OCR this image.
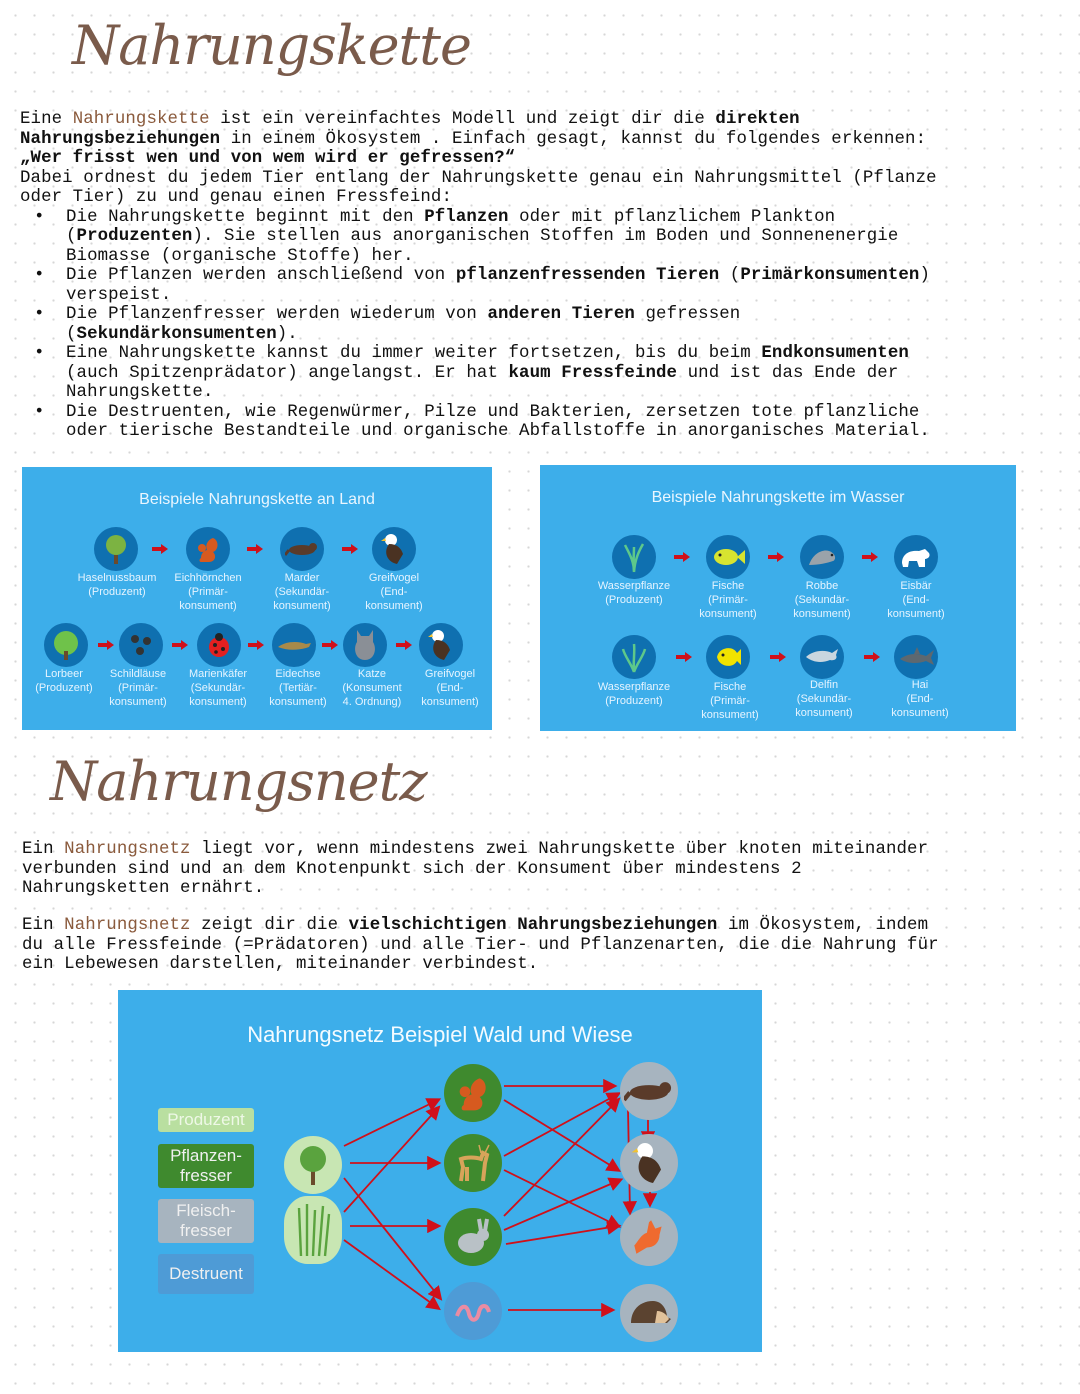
Nahrungskette

Eine Nahrungskette ist ein vereinfachtes Modell und zeigt dir die direkten

Nahrungsbeziehungen in einem Ökosystem . Einfach gesagt, kannst du folgendes erkennen:

„Wer frisst wen und von wem wird er gefressen?“

Dabei ordnest du jedem Tier entlang der Nahrungskette genau ein Nahrungsmittel (Pflanze

oder Tier) zu und genau einen Fressfeind:

• Die Nahrungskette beginnt mit den Pflanzen oder mit pflanzlichem Plankton

(Produzenten). Sie stellen aus anorganischen Stoffen im Boden und Sonnenenergie

Biomasse (organische Stoffe) her.

• Die Pflanzen werden anschließend von pflanzenfressenden Tieren (Primärkonsumenten)

verspeist.

• Die Pflanzenfresser werden wiederum von anderen Tieren gefressen

(Sekundärkonsumenten).

• Eine Nahrungskette kannst du immer weiter fortsetzen, bis du beim Endkonsumenten

(auch Spitzenprädator) angelangst. Er hat kaum Fressfeinde und ist das Ende der

Nahrungskette.

• Die Destruenten, wie Regenwürmer, Pilze und Bakterien, zersetzen tote pflanzliche

oder tierische Bestandteile und organische Abfallstoffe in anorganisches Material.

Beispiele Nahrungskette an Land
Haselnussbaum
(Produzent)
Eichhörnchen
(Primär-
konsument)
Marder
(Sekundär-
konsument)
Greifvogel
(End-
konsument)
Lorbeer
(Produzent)
Schildläuse
(Primär-
konsument)
Marienkäfer
(Sekundär-
konsument)
Eidechse
(Tertiär-
konsument)
Katze
(Konsument
4. Ordnung)
Greifvogel
(End-
konsument)
Beispiele Nahrungskette im Wasser
Wasserpflanze
(Produzent)
Fische
(Primär-
konsument)
Robbe
(Sekundär-
konsument)
Eisbär
(End-
konsument)
Wasserpflanze
(Produzent)
Fische
(Primär-
konsument)
Delfin
(Sekundär-
konsument)
Hai
(End-
konsument)
Nahrungsnetz

Ein Nahrungsnetz liegt vor, wenn mindestens zwei Nahrungskette über knoten miteinander

verbunden sind und an dem Knotenpunkt sich der Konsument über mindestens 2

Nahrungsketten ernährt.

Ein Nahrungsnetz zeigt dir die vielschichtigen Nahrungsbeziehungen im Ökosystem, indem

du alle Fressfeinde (=Prädatoren) und alle Tier- und Pflanzenarten, die die Nahrung für

ein Lebewesen darstellen, miteinander verbindest.

Nahrungsnetz Beispiel Wald und Wiese
Produzent
Pflanzen-
fresser
Fleisch-
fresser
Destruent
